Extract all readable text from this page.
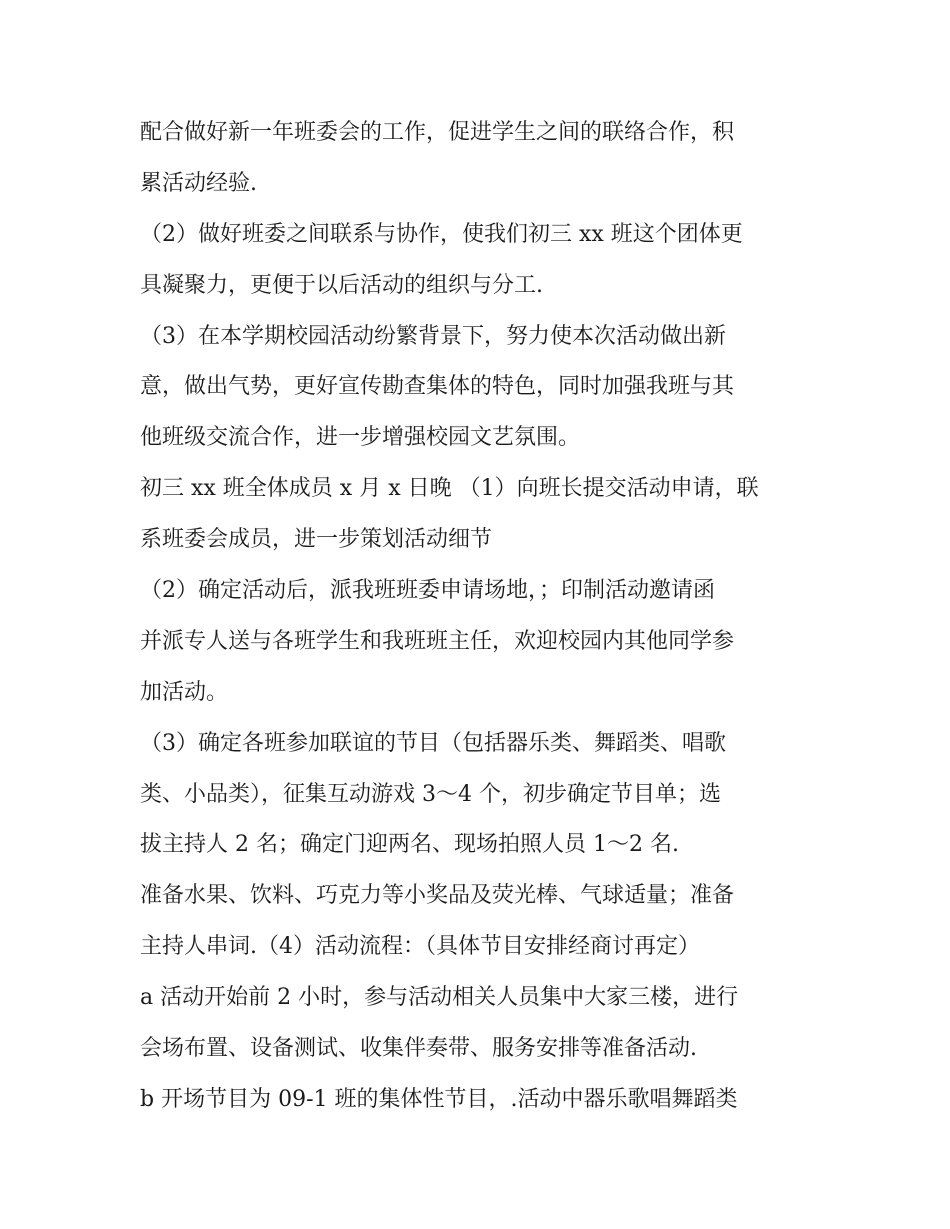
配合做好新一年班委会的工作，促进学生之间的联络合作，积
累活动经验.
（2）做好班委之间联系与协作，使我们初三 xx 班这个团体更
具凝聚力，更便于以后活动的组织与分工.
（3）在本学期校园活动纷繁背景下，努力使本次活动做出新
意，做出气势，更好宣传勘查集体的特色，同时加强我班与其
他班级交流合作，进一步增强校园文艺氛围。
初三 xx 班全体成员 x 月 x 日晚 （1）向班长提交活动申请，联
系班委会成员，进一步策划活动细节
（2）确定活动后，派我班班委申请场地，；印制活动邀请函
并派专人送与各班学生和我班班主任，欢迎校园内其他同学参
加活动。
（3）确定各班参加联谊的节目（包括器乐类、舞蹈类、唱歌
类、小品类），征集互动游戏 3～4 个，初步确定节目单；选
拔主持人 2 名；确定门迎两名、现场拍照人员 1～2 名.
准备水果、饮料、巧克力等小奖品及荧光棒、气球适量；准备
主持人串词.（4）活动流程：（具体节目安排经商讨再定）
a 活动开始前 2 小时，参与活动相关人员集中大家三楼，进行
会场布置、设备测试、收集伴奏带、服务安排等准备活动.
b 开场节目为 09-1 班的集体性节目，.活动中器乐歌唱舞蹈类
